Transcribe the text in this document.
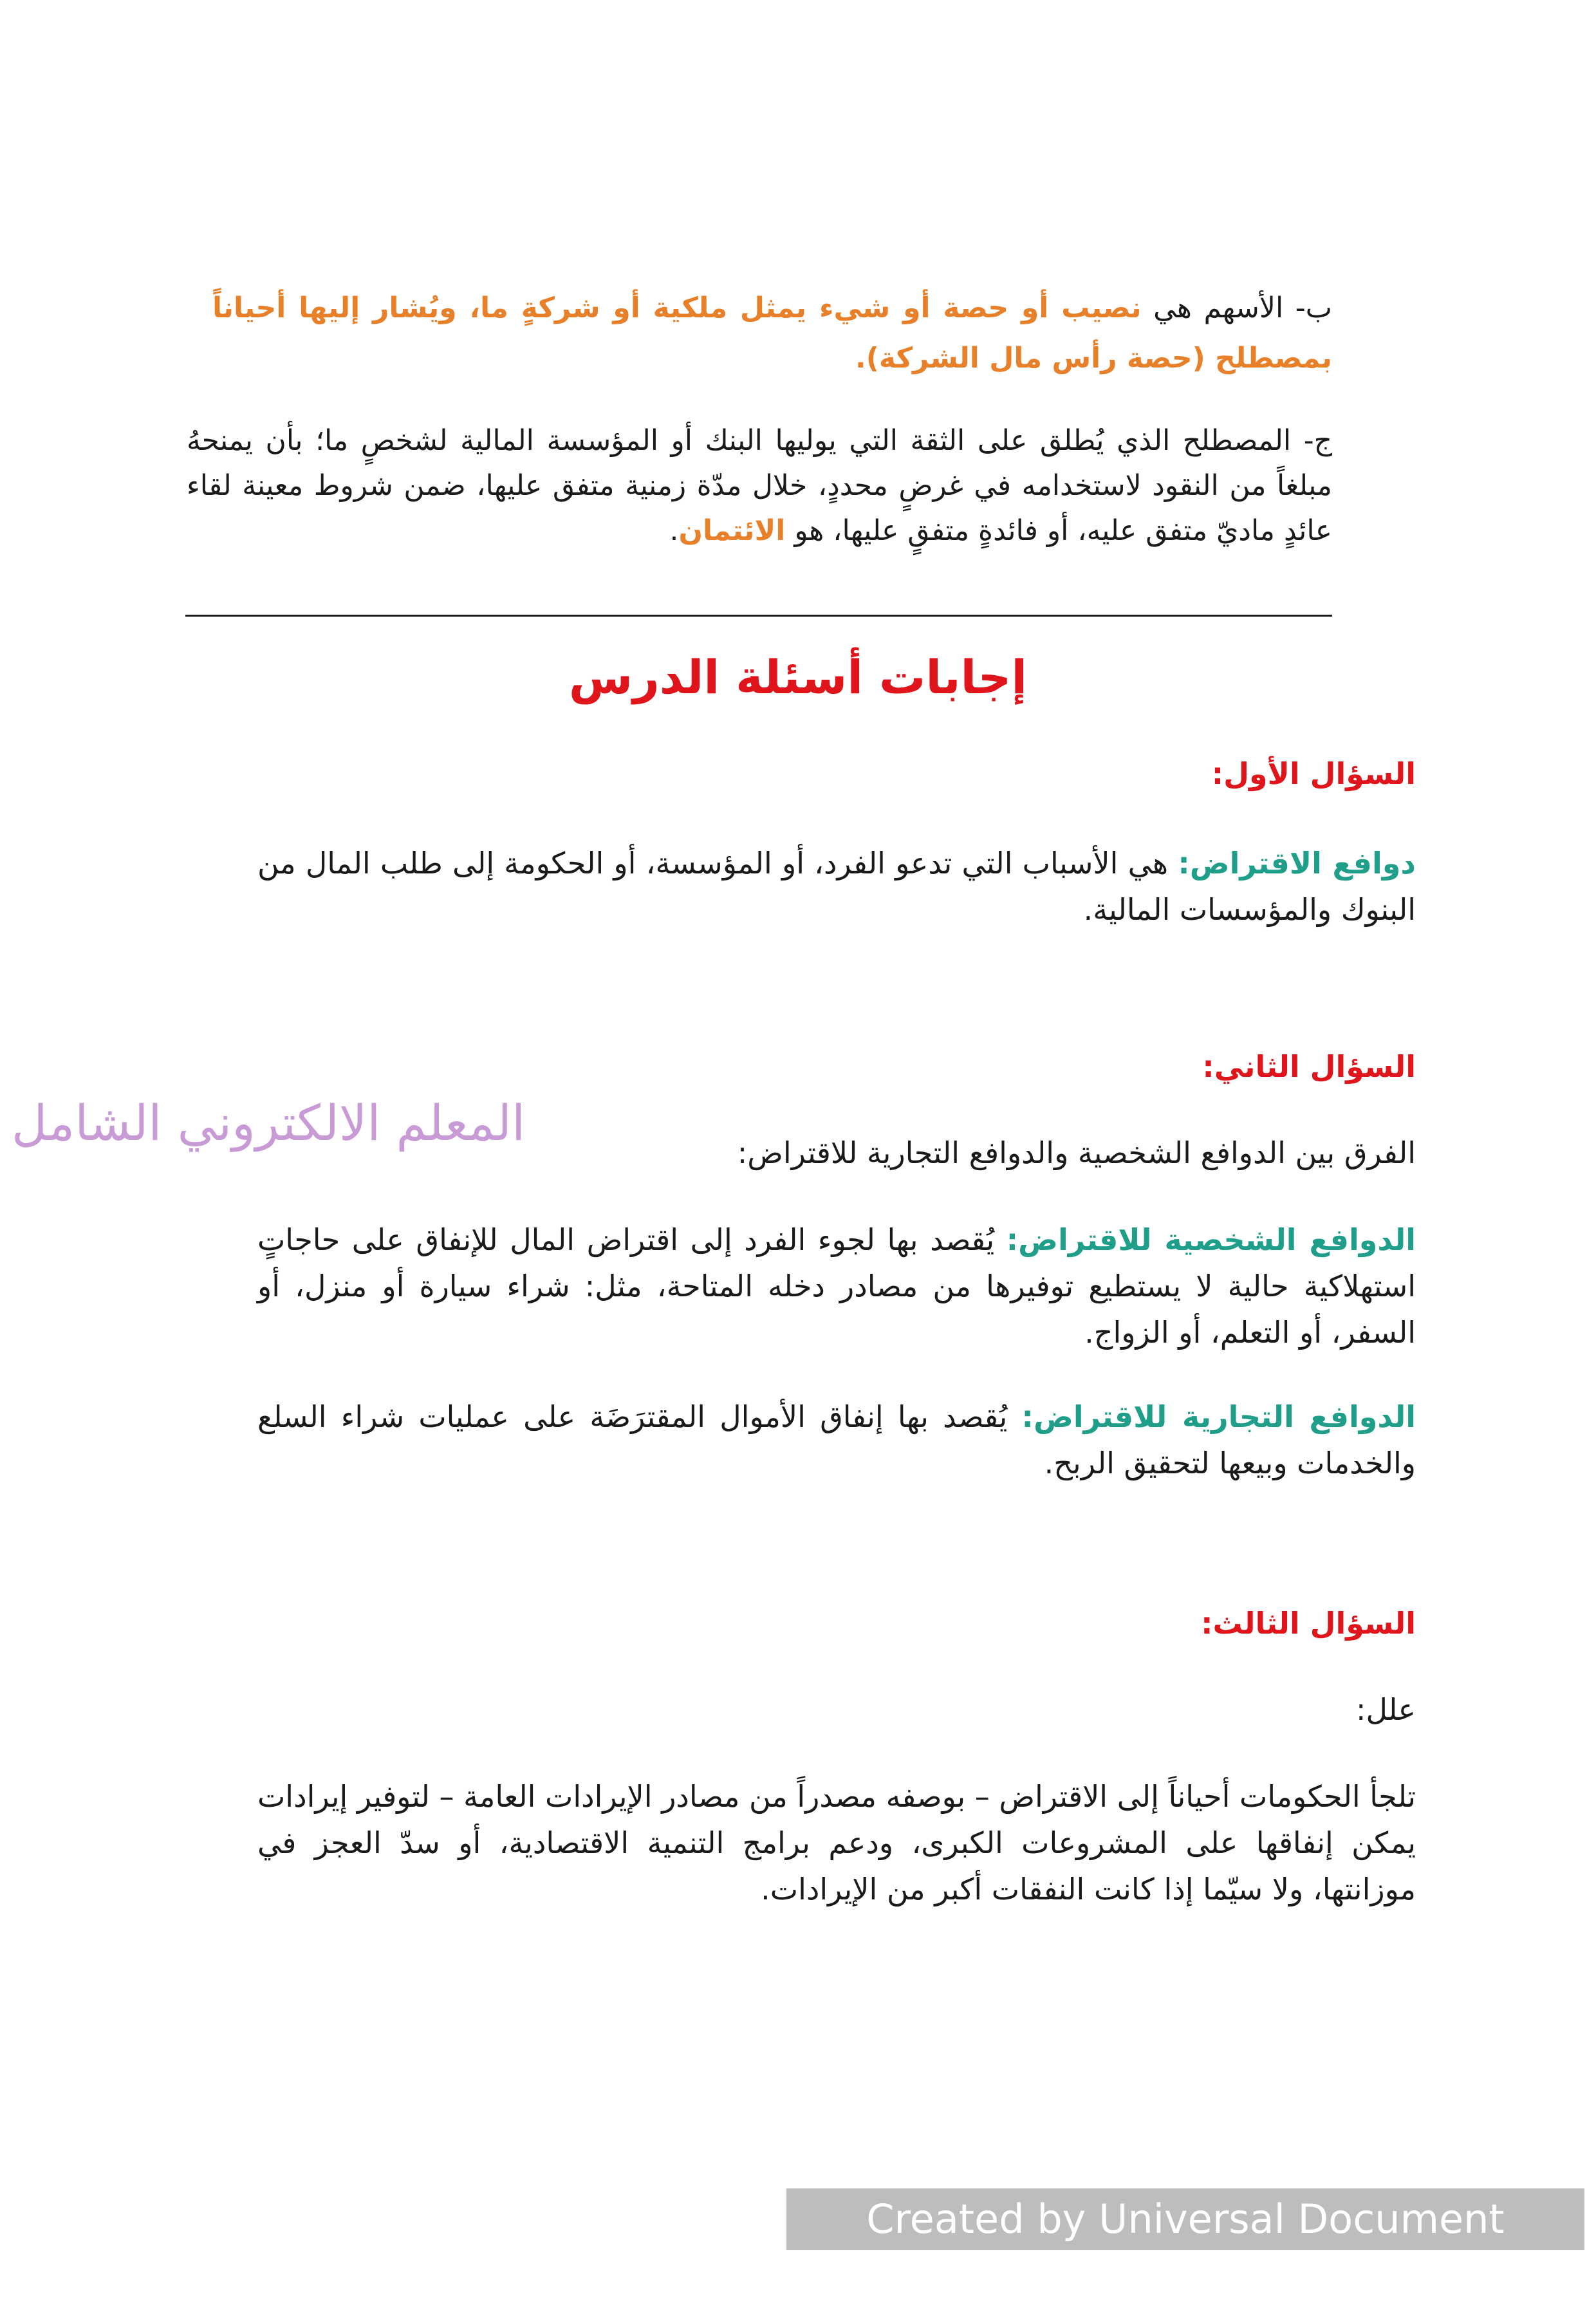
ب- الأسهم هي نصيب أو حصة أو شيء يمثل ملكية أو شركةٍ ما، ويُشار إليها أحياناً بمصطلح (حصة رأس مال الشركة).
ج- المصطلح الذي يُطلق على الثقة التي يوليها البنك أو المؤسسة المالية لشخصٍ ما؛ بأن يمنحهُ مبلغاً من النقود لاستخدامه في غرضٍ محددٍ، خلال مدّة زمنية متفق عليها، ضمن شروط معينة لقاء عائدٍ ماديّ متفق عليه، أو فائدةٍ متفقٍ عليها، هو الائتمان.
إجابات أسئلة الدرس
السؤال الأول:
دوافع الاقتراض: هي الأسباب التي تدعو الفرد، أو المؤسسة، أو الحكومة إلى طلب المال من البنوك والمؤسسات المالية.
السؤال الثاني:
المعلم الالكتروني الشامل
الفرق بين الدوافع الشخصية والدوافع التجارية للاقتراض:
الدوافع الشخصية للاقتراض: يُقصد بها لجوء الفرد إلى اقتراض المال للإنفاق على حاجاتٍ استهلاكية حالية لا يستطيع توفيرها من مصادر دخله المتاحة، مثل: شراء سيارة أو منزل، أو السفر، أو التعلم، أو الزواج.
الدوافع التجارية للاقتراض: يُقصد بها إنفاق الأموال المقترَضَة على عمليات شراء السلع والخدمات وبيعها لتحقيق الربح.
السؤال الثالث:
علل:
تلجأ الحكومات أحياناً إلى الاقتراض – بوصفه مصدراً من مصادر الإيرادات العامة – لتوفير إيرادات يمكن إنفاقها على المشروعات الكبرى، ودعم برامج التنمية الاقتصادية، أو سدّ العجز في موزانتها، ولا سيّما إذا كانت النفقات أكبر من الإيرادات.
Created by Universal Document Converter
